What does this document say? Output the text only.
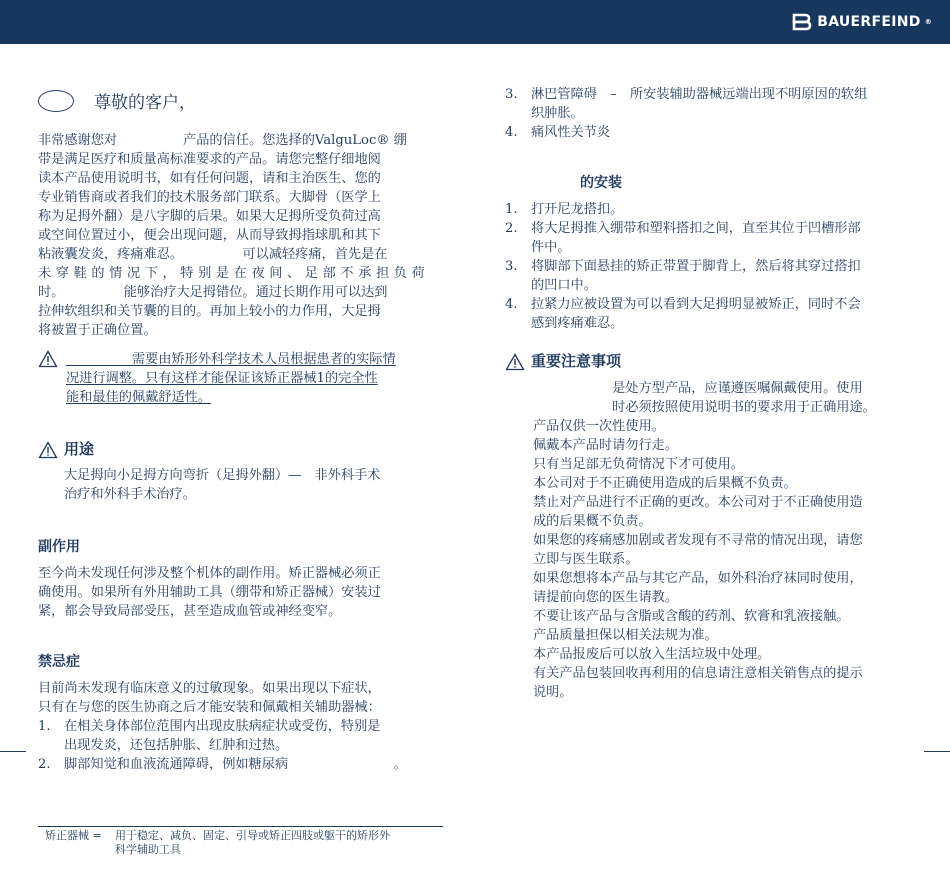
BAUERFEIND ®
尊敬的客户，

非常感谢您对　　　　　产品的信任。您选择的ValguLoc® 绷

带是满足医疗和质量高标准要求的产品。请您完整仔细地阅

读本产品使用说明书，如有任何问题，请和主治医生、您的

专业销售商或者我们的技术服务部门联系。大脚骨（医学上

称为足拇外翻）是八字脚的后果。如果大足拇所受负荷过高

或空间位置过小，便会出现问题，从而导致拇指球肌和其下

粘液囊发炎，疼痛难忍。　　　　　可以减轻疼痛，首先是在

未穿鞋的情况下，特别是在夜间、足部不承担负荷

时。　　　　　能够治疗大足拇错位。通过长期作用可以达到

拉伸软组织和关节囊的目的。再加上较小的力作用，大足拇

将被置于正确位置。

　　　　　需要由矫形外科学技术人员根据患者的实际情

况进行调整。只有这样才能保证该矫正器械1的完全性

能和最佳的佩戴舒适性。

用途

大足拇向小足拇方向弯折（足拇外翻）—　非外科手术

治疗和外科手术治疗。

副作用

至今尚未发现任何涉及整个机体的副作用。矫正器械必须正

确使用。如果所有外用辅助工具（绷带和矫正器械）安装过

紧，都会导致局部受压，甚至造成血管或神经变窄。

禁忌症

目前尚未发现有临床意义的过敏现象。如果出现以下症状，

只有在与您的医生协商之后才能安装和佩戴相关辅助器械：

1. 在相关身体部位范围内出现皮肤病症状或受伤，特别是

出现发炎，还包括肿胀、红肿和过热。

2. 脚部知觉和血液流通障碍，例如糖尿病　　　　　　　　。

矫正器械 =	用于稳定、减负、固定、引导或矫正四肢或躯干的矫形外

科学辅助工具

3. 淋巴管障碍　–　所安装辅助器械远端出现不明原因的软组

织肿胀。

4. 痛风性关节炎

的安装
1. 打开尼龙搭扣。

2. 将大足拇推入绷带和塑料搭扣之间，直至其位于凹槽形部

件中。

3. 将脚部下面悬挂的矫正带置于脚背上，然后将其穿过搭扣

的凹口中。

4. 拉紧力应被设置为可以看到大足拇明显被矫正，同时不会

感到疼痛难忍。

重要注意事项

　　　　　　是处方型产品，应谨遵医嘱佩戴使用。使用

　　　　　　时必须按照使用说明书的要求用于正确用途。

产品仅供一次性使用。

佩戴本产品时请勿行走。

只有当足部无负荷情况下才可使用。

本公司对于不正确使用造成的后果概不负责。

禁止对产品进行不正确的更改。本公司对于不正确使用造

成的后果概不负责。

如果您的疼痛感加剧或者发现有不寻常的情况出现，请您

立即与医生联系。

如果您想将本产品与其它产品，如外科治疗袜同时使用，

请提前向您的医生请教。

不要让该产品与含脂或含酸的药剂、软膏和乳液接触。

产品质量担保以相关法规为准。

本产品报废后可以放入生活垃圾中处理。

有关产品包装回收再利用的信息请注意相关销售点的提示

说明。
